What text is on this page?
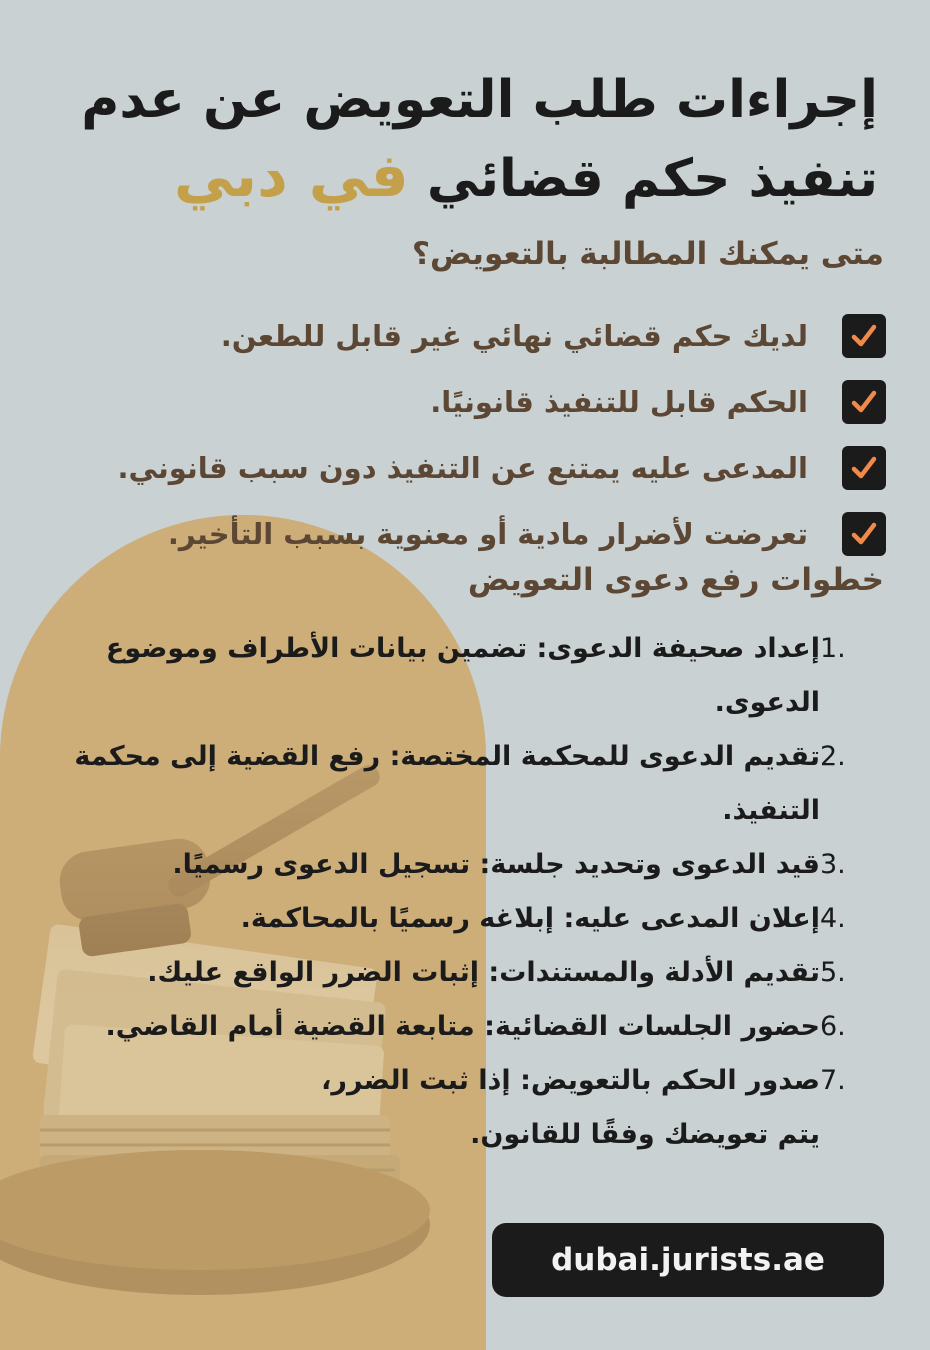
إجراءات طلب التعويض عن عدم
تنفيذ حكم قضائي في دبي
متى يمكنك المطالبة بالتعويض؟
لديك حكم قضائي نهائي غير قابل للطعن.
الحكم قابل للتنفيذ قانونيًا.
المدعى عليه يمتنع عن التنفيذ دون سبب قانوني.
تعرضت لأضرار مادية أو معنوية بسبب التأخير.
خطوات رفع دعوى التعويض
1.
إعداد صحيفة الدعوى: تضمين بيانات الأطراف وموضوع الدعوى.
2.
تقديم الدعوى للمحكمة المختصة: رفع القضية إلى محكمة التنفيذ.
3.
قيد الدعوى وتحديد جلسة: تسجيل الدعوى رسميًا.
4.
إعلان المدعى عليه: إبلاغه رسميًا بالمحاكمة.
5.
تقديم الأدلة والمستندات: إثبات الضرر الواقع عليك.
6.
حضور الجلسات القضائية: متابعة القضية أمام القاضي.
7.
صدور الحكم بالتعويض: إذا ثبت الضرر، يتم تعويضك وفقًا للقانون.
dubai.jurists.ae
